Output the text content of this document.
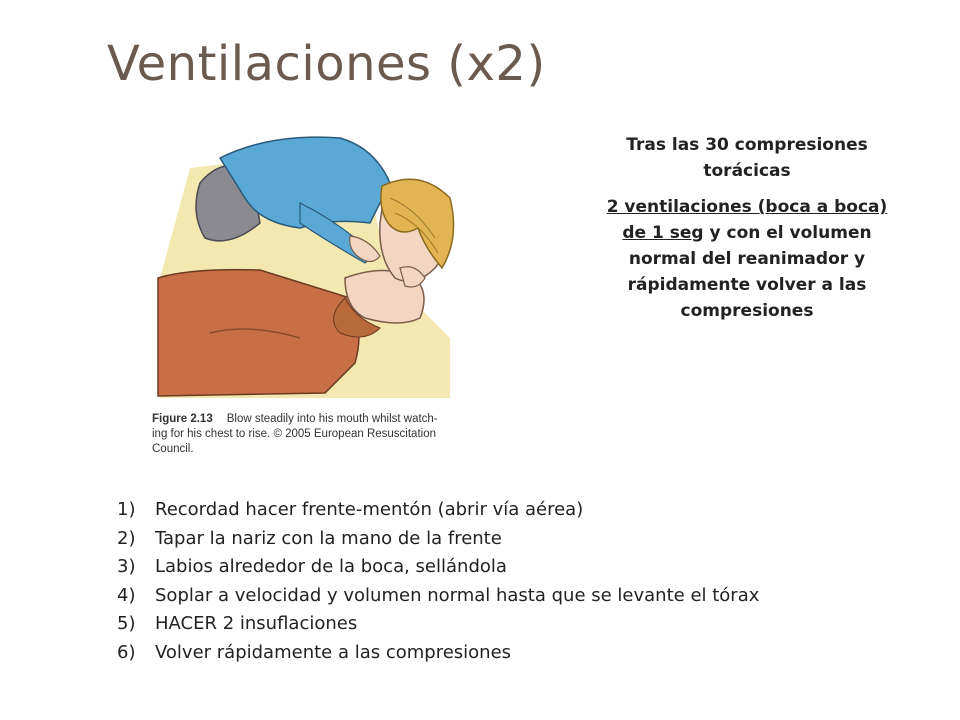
Ventilaciones (x2)
Figure 2.13 Blow steadily into his mouth whilst watch-ing for his chest to rise. © 2005 European Resuscitation Council.

Tras las 30 compresiones torácicas

2 ventilaciones (boca a boca) de 1 seg y con el volumen normal del reanimador y rápidamente volver a las compresiones

1) Recordad hacer frente-mentón (abrir vía aérea)
2) Tapar la nariz con la mano de la frente
3) Labios alrededor de la boca, sellándola
4) Soplar a velocidad y volumen normal hasta que se levante el tórax
5) HACER 2 insuflaciones
6) Volver rápidamente a las compresiones
